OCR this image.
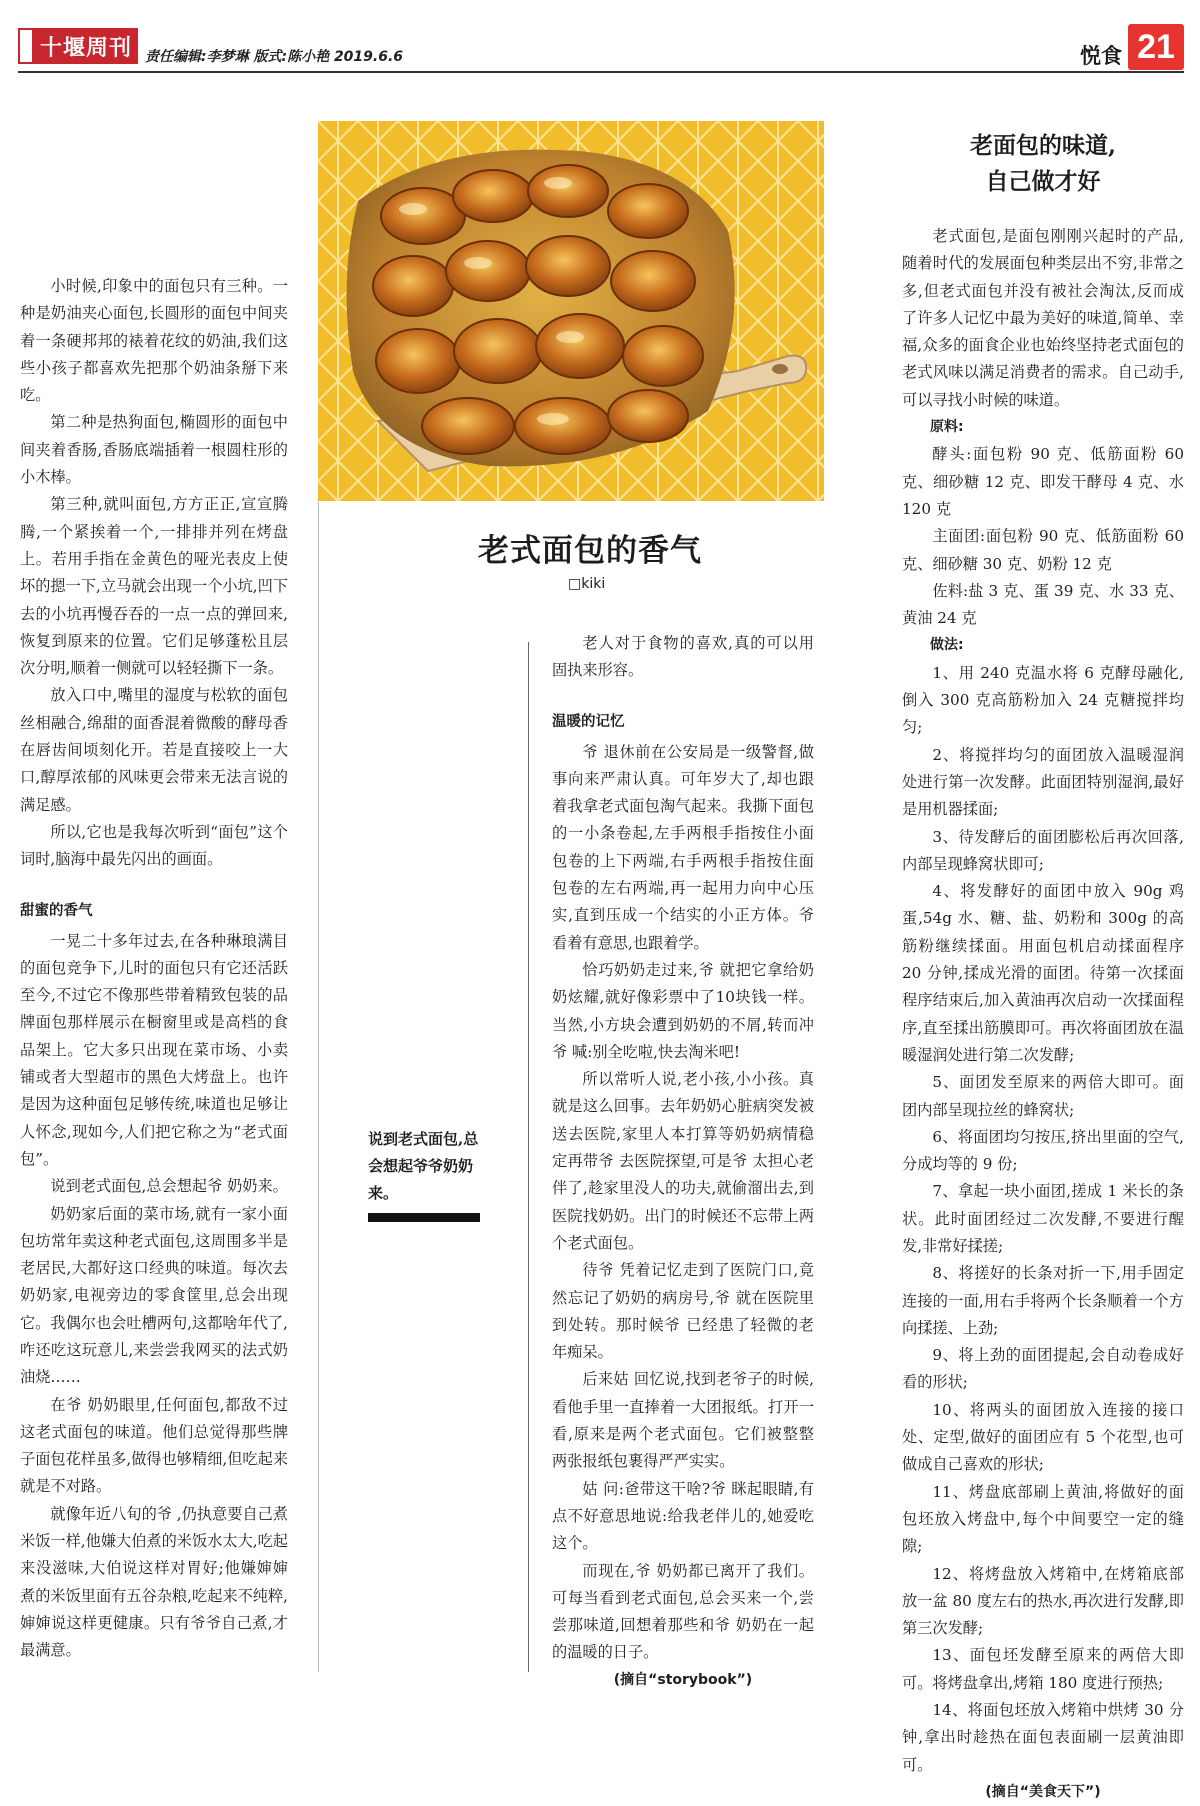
十堰周刊 责任编辑:李梦琳 版式:陈小艳 2019.6.6	悦食 21

小时候,印象中的面包只有三种。一种是奶油夹心面包,长圆形的面包中间夹着一条硬邦邦的裱着花纹的奶油,我们这些小孩子都喜欢先把那个奶油条掰下来吃。

第二种是热狗面包,椭圆形的面包中间夹着香肠,香肠底端插着一根圆柱形的小木棒。

第三种,就叫面包,方方正正,宣宣腾腾,一个紧挨着一个,一排排并列在烤盘上。若用手指在金黄色的哑光表皮上使坏的摁一下,立马就会出现一个小坑,凹下去的小坑再慢吞吞的一点一点的弹回来,恢复到原来的位置。它们足够蓬松且层次分明,顺着一侧就可以轻轻撕下一条。

放入口中,嘴里的湿度与松软的面包丝相融合,绵甜的面香混着微酸的酵母香在唇齿间顷刻化开。若是直接咬上一大口,醇厚浓郁的风味更会带来无法言说的满足感。

所以,它也是我每次听到“面包”这个词时,脑海中最先闪出的画面。

甜蜜的香气

一晃二十多年过去,在各种琳琅满目的面包竞争下,儿时的面包只有它还活跃至今,不过它不像那些带着精致包装的品牌面包那样展示在橱窗里或是高档的食品架上。它大多只出现在菜市场、小卖铺或者大型超市的黑色大烤盘上。也许是因为这种面包足够传统,味道也足够让人怀念,现如今,人们把它称之为“老式面包”。

说到老式面包,总会想起爷 奶奶来。

奶奶家后面的菜市场,就有一家小面包坊常年卖这种老式面包,这周围多半是老居民,大都好这口经典的味道。每次去奶奶家,电视旁边的零食筐里,总会出现它。我偶尔也会吐槽两句,这都啥年代了,咋还吃这玩意儿,来尝尝我网买的法式奶油烧……

在爷 奶奶眼里,任何面包,都敌不过这老式面包的味道。他们总觉得那些牌子面包花样虽多,做得也够精细,但吃起来就是不对路。

就像年近八旬的爷 ,仍执意要自己煮米饭一样,他嫌大伯煮的米饭水太大,吃起来没滋味,大伯说这样对胃好;他嫌婶婶煮的米饭里面有五谷杂粮,吃起来不纯粹,婶婶说这样更健康。只有爷爷自己煮,才最满意。

老式面包的香气
□kiki
说到老式面包,总会想起爷爷奶奶来。

老人对于食物的喜欢,真的可以用固执来形容。

温暖的记忆

爷 退休前在公安局是一级警督,做事向来严肃认真。可年岁大了,却也跟着我拿老式面包淘气起来。我撕下面包的一小条卷起,左手两根手指按住小面包卷的上下两端,右手两根手指按住面包卷的左右两端,再一起用力向中心压实,直到压成一个结实的小正方体。爷看着有意思,也跟着学。

恰巧奶奶走过来,爷 就把它拿给奶奶炫耀,就好像彩票中了10块钱一样。当然,小方块会遭到奶奶的不屑,转而冲爷 喊:别全吃啦,快去淘米吧!

所以常听人说,老小孩,小小孩。真就是这么回事。去年奶奶心脏病突发被送去医院,家里人本打算等奶奶病情稳定再带爷 去医院探望,可是爷 太担心老伴了,趁家里没人的功夫,就偷溜出去,到医院找奶奶。出门的时候还不忘带上两个老式面包。

待爷 凭着记忆走到了医院门口,竟然忘记了奶奶的病房号,爷 就在医院里到处转。那时候爷 已经患了轻微的老年痴呆。

后来姑 回忆说,找到老爷子的时候,看他手里一直捧着一大团报纸。打开一看,原来是两个老式面包。它们被整整两张报纸包裹得严严实实。

姑 问:爸带这干啥?爷 眯起眼睛,有点不好意思地说:给我老伴儿的,她爱吃这个。

而现在,爷 奶奶都已离开了我们。可每当看到老式面包,总会买来一个,尝尝那味道,回想着那些和爷 奶奶在一起的温暖的日子。

(摘自“storybook”)

老面包的味道,
自己做才好

老式面包,是面包刚刚兴起时的产品,随着时代的发展面包种类层出不穷,非常之多,但老式面包并没有被社会淘汰,反而成了许多人记忆中最为美好的味道,简单、幸福,众多的面食企业也始终坚持老式面包的老式风味以满足消费者的需求。自己动手,可以寻找小时候的味道。

原料:

酵头:面包粉 90 克、低筋面粉 60 克、细砂糖 12 克、即发干酵母 4 克、水 120 克

主面团:面包粉 90 克、低筋面粉 60 克、细砂糖 30 克、奶粉 12 克

佐料:盐 3 克、蛋 39 克、水 33 克、黄油 24 克

做法:

1、用 240 克温水将 6 克酵母融化,倒入 300 克高筋粉加入 24 克糖搅拌均匀;

2、将搅拌均匀的面团放入温暖湿润处进行第一次发酵。此面团特别湿润,最好是用机器揉面;

3、待发酵后的面团膨松后再次回落,内部呈现蜂窝状即可;

4、将发酵好的面团中放入 90g 鸡蛋,54g 水、糖、盐、奶粉和 300g 的高筋粉继续揉面。用面包机启动揉面程序 20 分钟,揉成光滑的面团。待第一次揉面程序结束后,加入黄油再次启动一次揉面程序,直至揉出筋膜即可。再次将面团放在温暖湿润处进行第二次发酵;

5、面团发至原来的两倍大即可。面团内部呈现拉丝的蜂窝状;

6、将面团均匀按压,挤出里面的空气,分成均等的 9 份;

7、拿起一块小面团,搓成 1 米长的条状。此时面团经过二次发酵,不要进行醒发,非常好揉搓;

8、将搓好的长条对折一下,用手固定连接的一面,用右手将两个长条顺着一个方向揉搓、上劲;

9、将上劲的面团提起,会自动卷成好看的形状;

10、将两头的面团放入连接的接口处、定型,做好的面团应有 5 个花型,也可做成自己喜欢的形状;

11、烤盘底部刷上黄油,将做好的面包坯放入烤盘中,每个中间要空一定的缝隙;

12、将烤盘放入烤箱中,在烤箱底部放一盆 80 度左右的热水,再次进行发酵,即第三次发酵;

13、面包坯发酵至原来的两倍大即可。将烤盘拿出,烤箱 180 度进行预热;

14、将面包坯放入烤箱中烘烤 30 分钟,拿出时趁热在面包表面刷一层黄油即可。

(摘自“美食天下”)
